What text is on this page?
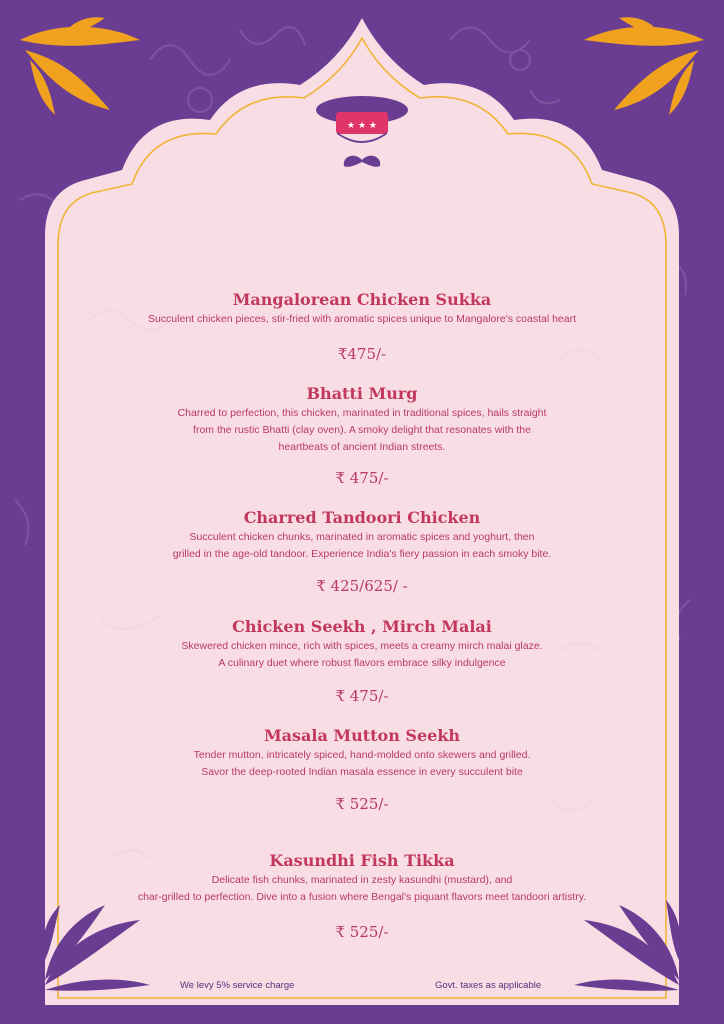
★ ★ ★
Mangalorean Chicken Sukka
Succulent chicken pieces, stir-fried with aromatic spices unique to Mangalore's coastal heart
₹475/-
Bhatti Murg
Charred to perfection, this chicken, marinated in traditional spices, hails straight
from the rustic Bhatti (clay oven). A smoky delight that resonates with the
heartbeats of ancient Indian streets.
₹ 475/-
Charred Tandoori Chicken
Succulent chicken chunks, marinated in aromatic spices and yoghurt, then
grilled in the age-old tandoor. Experience India's fiery passion in each smoky bite.
₹ 425/625/ -
Chicken Seekh , Mirch Malai
Skewered chicken mince, rich with spices, meets a creamy mirch malai glaze.
A culinary duet where robust flavors embrace silky indulgence
₹ 475/-
Masala Mutton Seekh
Tender mutton, intricately spiced, hand-molded onto skewers and grilled.
Savor the deep-rooted Indian masala essence in every succulent bite
₹ 525/-
Kasundhi Fish Tikka
Delicate fish chunks, marinated in zesty kasundhi (mustard), and
char-grilled to perfection. Dive into a fusion where Bengal's piquant flavors meet tandoori artistry.
₹ 525/-
We levy 5% service charge	Govt. taxes as applicable
